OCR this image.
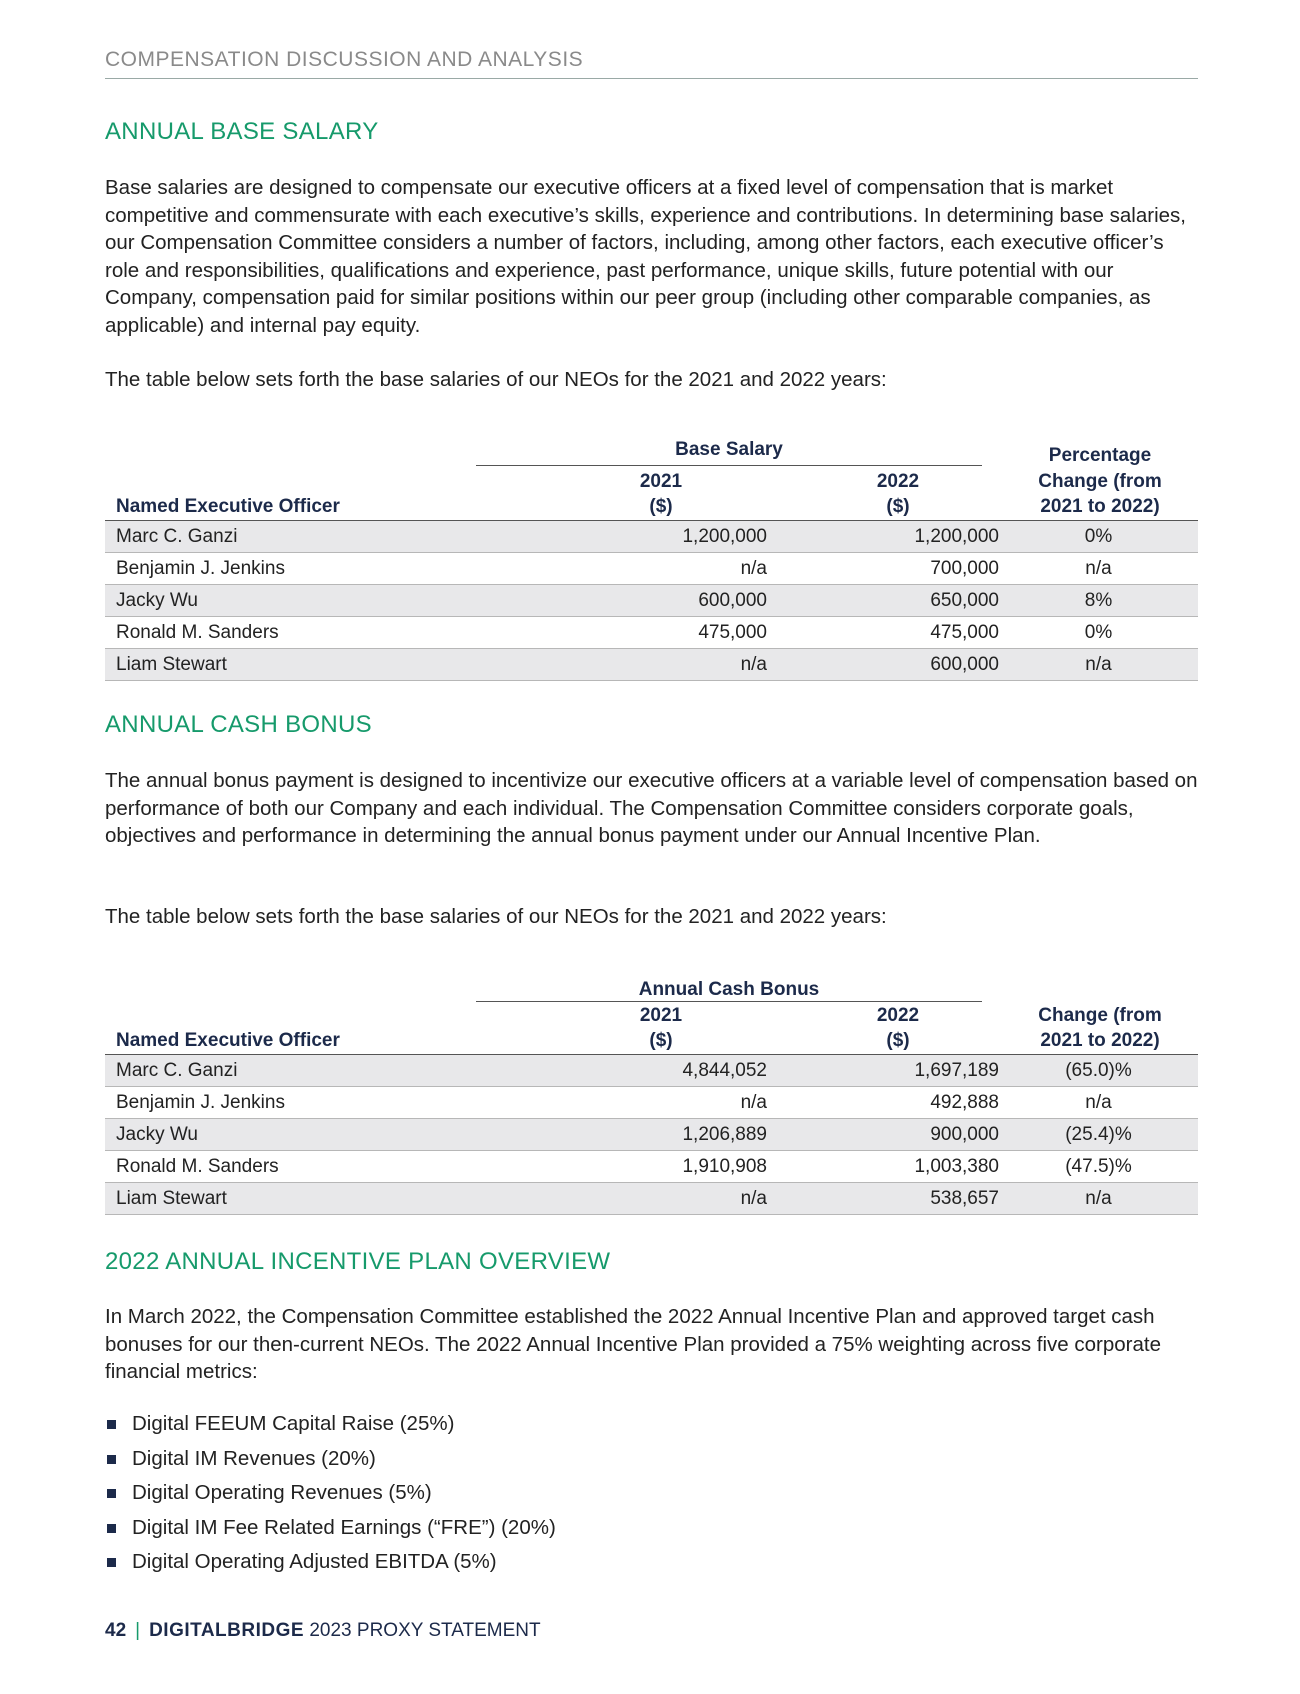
COMPENSATION DISCUSSION AND ANALYSIS
ANNUAL BASE SALARY

Base salaries are designed to compensate our executive officers at a fixed level of compensation that is market competitive and commensurate with each executive’s skills, experience and contributions. In determining base salaries, our Compensation Committee considers a number of factors, including, among other factors, each executive officer’s role and responsibilities, qualifications and experience, past performance, unique skills, future potential with our Company, compensation paid for similar positions within our peer group (including other comparable companies, as applicable) and internal pay equity.

The table below sets forth the base salaries of our NEOs for the 2021 and 2022 years:

Base Salary
2021
($)
2022
($)
Percentage
Change (from
2021 to 2022)
Named Executive Officer
Marc C. Ganzi	1,200,000	1,200,000	0%
Benjamin J. Jenkins	n/a	700,000	n/a
Jacky Wu	600,000	650,000	8%
Ronald M. Sanders	475,000	475,000	0%
Liam Stewart	n/a	600,000	n/a
ANNUAL CASH BONUS

The annual bonus payment is designed to incentivize our executive officers at a variable level of compensation based on performance of both our Company and each individual. The Compensation Committee considers corporate goals, objectives and performance in determining the annual bonus payment under our Annual Incentive Plan.

The table below sets forth the base salaries of our NEOs for the 2021 and 2022 years:

Annual Cash Bonus
2021
($)
2022
($)
Change (from
2021 to 2022)
Named Executive Officer
Marc C. Ganzi	4,844,052	1,697,189	(65.0)%
Benjamin J. Jenkins	n/a	492,888	n/a
Jacky Wu	1,206,889	900,000	(25.4)%
Ronald M. Sanders	1,910,908	1,003,380	(47.5)%
Liam Stewart	n/a	538,657	n/a
2022 ANNUAL INCENTIVE PLAN OVERVIEW

In March 2022, the Compensation Committee established the 2022 Annual Incentive Plan and approved target cash bonuses for our then-current NEOs. The 2022 Annual Incentive Plan provided a 75% weighting across five corporate financial metrics:

Digital FEEUM Capital Raise (25%)
Digital IM Revenues (20%)
Digital Operating Revenues (5%)
Digital IM Fee Related Earnings (“FRE”) (20%)
Digital Operating Adjusted EBITDA (5%)
42 | DIGITALBRIDGE 2023 PROXY STATEMENT
